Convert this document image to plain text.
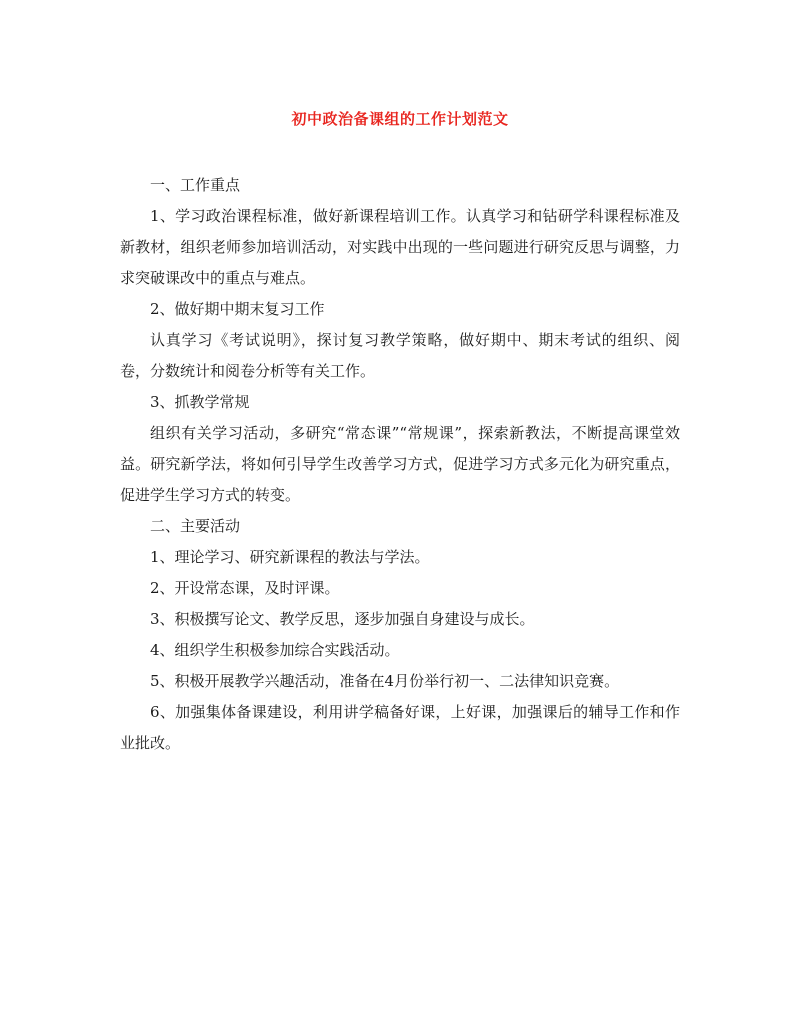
初中政治备课组的工作计划范文

一、工作重点

1、学习政治课程标准，做好新课程培训工作。认真学习和钻研学科课程标准及新教材，组织老师参加培训活动，对实践中出现的一些问题进行研究反思与调整，力求突破课改中的重点与难点。

2、做好期中期末复习工作

认真学习《考试说明》，探讨复习教学策略，做好期中、期末考试的组织、阅卷，分数统计和阅卷分析等有关工作。

3、抓教学常规

组织有关学习活动，多研究“常态课”“常规课”，探索新教法，不断提高课堂效益。研究新学法，将如何引导学生改善学习方式，促进学习方式多元化为研究重点，促进学生学习方式的转变。

二、主要活动

1、理论学习、研究新课程的教法与学法。

2、开设常态课，及时评课。

3、积极撰写论文、教学反思，逐步加强自身建设与成长。

4、组织学生积极参加综合实践活动。

5、积极开展教学兴趣活动，准备在4月份举行初一、二法律知识竞赛。

6、加强集体备课建设，利用讲学稿备好课，上好课，加强课后的辅导工作和作业批改。
